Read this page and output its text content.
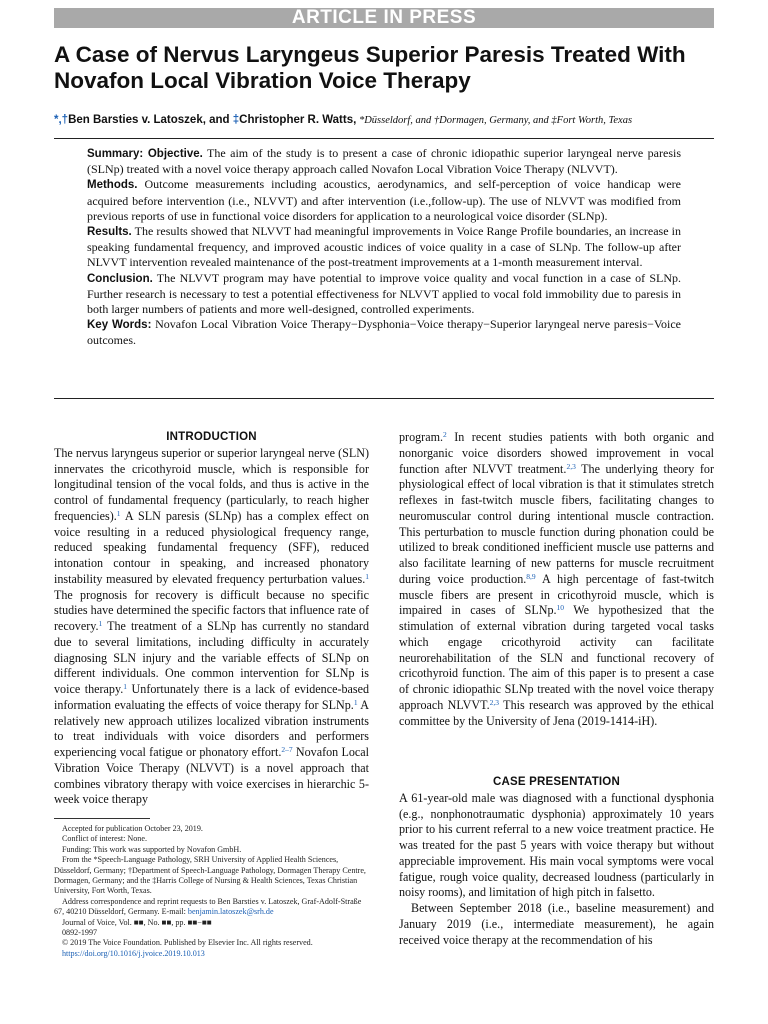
ARTICLE IN PRESS
A Case of Nervus Laryngeus Superior Paresis Treated With
Novafon Local Vibration Voice Therapy
*,†Ben Barsties v. Latoszek, and ‡Christopher R. Watts, *Düsseldorf, and †Dormagen, Germany, and ‡Fort Worth, Texas

Summary: Objective. The aim of the study is to present a case of chronic idiopathic superior laryngeal nerve paresis (SLNp) treated with a novel voice therapy approach called Novafon Local Vibration Voice Therapy (NLVVT).

Methods. Outcome measurements including acoustics, aerodynamics, and self-perception of voice handicap were acquired before intervention (i.e., NLVVT) and after intervention (i.e.,follow-up). The use of NLVVT was modified from previous reports of use in functional voice disorders for application to a neurological voice disorder (SLNp).

Results. The results showed that NLVVT had meaningful improvements in Voice Range Profile boundaries, an increase in speaking fundamental frequency, and improved acoustic indices of voice quality in a case of SLNp. The follow-up after NLVVT intervention revealed maintenance of the post-treatment improvements at a 1-month measurement interval.

Conclusion. The NLVVT program may have potential to improve voice quality and vocal function in a case of SLNp. Further research is necessary to test a potential effectiveness for NLVVT applied to vocal fold immobility due to paresis in both larger numbers of patients and more well-designed, controlled experiments.

Key Words: Novafon Local Vibration Voice Therapy−Dysphonia−Voice therapy−Superior laryngeal nerve paresis−Voice outcomes.

INTRODUCTION

The nervus laryngeus superior or superior laryngeal nerve (SLN) innervates the cricothyroid muscle, which is responsible for longitudinal tension of the vocal folds, and thus is active in the control of fundamental frequency (particularly, to reach higher frequencies).$^1$ A SLN paresis (SLNp) has a complex effect on voice resulting in a reduced physiological frequency range, reduced speaking fundamental frequency (SFF), reduced intonation contour in speaking, and increased phonatory instability measured by elevated frequency perturbation values.$^1$ The prognosis for recovery is difficult because no specific studies have determined the specific factors that influence rate of recovery.$^1$ The treatment of a SLNp has currently no standard due to several limitations, including difficulty in accurately diagnosing SLN injury and the variable effects of SLNp on different individuals. One common intervention for SLNp is voice therapy.$^1$ Unfortunately there is a lack of evidence-based information evaluating the effects of voice therapy for SLNp.$^1$ A relatively new approach utilizes localized vibration instruments to treat individuals with voice disorders and performers experiencing vocal fatigue or phonatory effort.$^{2-7}$ Novafon Local Vibration Voice Therapy (NLVVT) is a novel approach that combines vibratory therapy with voice exercises in hierarchic 5-week voice therapy

Accepted for publication October 23, 2019.
Conflict of interest: None.
Funding: This work was supported by Novafon GmbH.
From the *Speech-Language Pathology, SRH University of Applied Health Sciences, Düsseldorf, Germany; †Department of Speech-Language Pathology, Dormagen Therapy Centre, Dormagen, Germany; and the ‡Harris College of Nursing & Health Sciences, Texas Christian University, Fort Worth, Texas.
Address correspondence and reprint requests to Ben Barsties v. Latoszek, Graf-Adolf-Straße 67, 40210 Düsseldorf, Germany. E-mail: benjamin.latoszek@srh.de
Journal of Voice, Vol. ■■, No. ■■, pp. ■■−■■
0892-1997
© 2019 The Voice Foundation. Published by Elsevier Inc. All rights reserved.
https://doi.org/10.1016/j.jvoice.2019.10.013

program.$^2$ In recent studies patients with both organic and nonorganic voice disorders showed improvement in vocal function after NLVVT treatment.$^{2,3}$ The underlying theory for physiological effect of local vibration is that it stimulates stretch reflexes in fast-twitch muscle fibers, facilitating changes to neuromuscular control during intentional muscle contraction. This perturbation to muscle function during phonation could be utilized to break conditioned inefficient muscle use patterns and also facilitate learning of new patterns for muscle recruitment during voice production.$^{8,9}$ A high percentage of fast-twitch muscle fibers are present in cricothyroid muscle, which is impaired in cases of SLNp.$^{10}$ We hypothesized that the stimulation of external vibration during targeted vocal tasks which engage cricothyroid activity can facilitate neurorehabilitation of the SLN and functional recovery of cricothyroid function. The aim of this paper is to present a case of chronic idiopathic SLNp treated with the novel voice therapy approach NLVVT.$^{2,3}$ This research was approved by the ethical committee by the University of Jena (2019-1414-iH).

CASE PRESENTATION

A 61-year-old male was diagnosed with a functional dysphonia (e.g., nonphonotraumatic dysphonia) approximately 10 years prior to his current referral to a new voice treatment practice. He was treated for the past 5 years with voice therapy but without appreciable improvement. His main vocal symptoms were vocal fatigue, rough voice quality, decreased loudness (particularly in noisy rooms), and limitation of high pitch in falsetto.

Between September 2018 (i.e., baseline measurement) and January 2019 (i.e., intermediate measurement), he again received voice therapy at the recommendation of his
